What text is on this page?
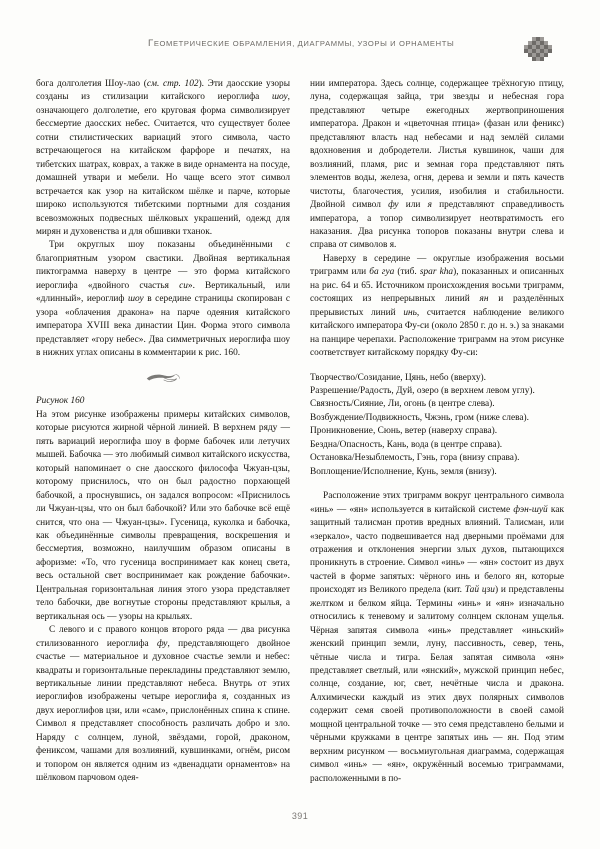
ГЕОМЕТРИЧЕСКИЕ ОБРАМЛЕНИЯ, ДИАГРАММЫ, УЗОРЫ И ОРНАМЕНТЫ

бога долголетия Шоу-лао (см. стр. 102). Эти даосские узоры созданы из стилизации китайского иероглифа шоу, означающего долголетие, его круговая форма символизирует бессмертие даосских небес. Считается, что существует более сотни стилистических вариаций этого символа, часто встречающегося на китайском фарфоре и печатях, на тибетских шатрах, коврах, а также в виде орнамента на посуде, домашней утвари и мебели. Но чаще всего этот символ встречается как узор на китайском шёлке и парче, которые широко используются тибетскими портными для создания всевозможных подвесных шёлковых украшений, одежд для мирян и духовенства и для обшивки тханок.

Три округлых шоу показаны объединёнными с благоприятным узором свастики. Двойная вертикальная пиктограмма наверху в центре — это форма китайского иероглифа «двойного счастья си». Вертикальный, или «длинный», иероглиф шоу в середине страницы скопирован с узора «облачения дракона» на парче одеяния китайского императора XVIII века династии Цин. Форма этого символа представляет «гору небес». Два симметричных иероглифа шоу в нижних углах описаны в комментарии к рис. 160.

Рисунок 160

На этом рисунке изображены примеры китайских символов, которые рисуются жирной чёрной линией. В верхнем ряду — пять вариаций иероглифа шоу в форме бабочек или летучих мышей. Бабочка — это любимый символ китайского искусства, который напоминает о сне даосского философа Чжуан-цзы, которому приснилось, что он был радостно порхающей бабочкой, а проснувшись, он задался вопросом: «Приснилось ли Чжуан-цзы, что он был бабочкой? Или это бабочке всё ещё снится, что она — Чжуан-цзы». Гусеница, куколка и бабочка, как объединённые символы превращения, воскрешения и бессмертия, возможно, наилучшим образом описаны в афоризме: «То, что гусеница воспринимает как конец света, весь остальной свет воспринимает как рождение бабочки». Центральная горизонтальная линия этого узора представляет тело бабочки, две вогнутые стороны представляют крылья, а вертикальная ось — узоры на крыльях.

С левого и с правого концов второго ряда — два рисунка стилизованного иероглифа фу, представляющего двойное счастье — материальное и духовное счастье земли и небес: квадраты и горизонтальные перекладины представляют землю, вертикальные линии представляют небеса. Внутрь от этих иероглифов изображены четыре иероглифа я, созданных из двух иероглифов цзи, или «сам», прислонённых спина к спине. Символ я представляет способность различать добро и зло. Наряду с солнцем, луной, звёздами, горой, драконом, фениксом, чашами для возлияний, кувшинками, огнём, рисом и топором он является одним из «двенадцати орнаментов» на шёлковом парчовом одея-

нии императора. Здесь солнце, содержащее трёхногую птицу, луна, содержащая зайца, три звезды и небесная гора представляют четыре ежегодных жертвоприношения императора. Дракон и «цветочная птица» (фазан или феникс) представляют власть над небесами и над землёй силами вдохновения и добродетели. Листья кувшинок, чаши для возлияний, пламя, рис и земная гора представляют пять элементов воды, железа, огня, дерева и земли и пять качеств чистоты, благочестия, усилия, изобилия и стабильности. Двойной символ фу или я представляют справедливость императора, а топор символизирует неотвратимость его наказания. Два рисунка топоров показаны внутри слева и справа от символов я.

Наверху в середине — округлые изображения восьми триграмм или ба гуа (тиб. spar kha), показанных и описанных на рис. 64 и 65. Источником происхождения восьми триграмм, состоящих из непрерывных линий ян и разделённых прерывистых линий инь, считается наблюдение великого китайского императора Фу-си (около 2850 г. до н. э.) за знаками на панцире черепахи. Расположение триграмм на этом рисунке соответствует китайскому порядку Фу-си:

Творчество/Созидание, Цянь, небо (вверху).
Разрешение/Радость, Дуй, озеро (в верхнем левом углу).
Связность/Сияние, Ли, огонь (в центре слева).
Возбуждение/Подвижность, Чжэнь, гром (ниже слева).
Проникновение, Сюнь, ветер (наверху справа).
Бездна/Опасность, Кань, вода (в центре справа).
Остановка/Незыблемость, Гэнь, гора (внизу справа).
Воплощение/Исполнение, Кунь, земля (внизу).

Расположение этих триграмм вокруг центрального символа «инь» — «ян» используется в китайской системе фэн-шуй как защитный талисман против вредных влияний. Талисман, или «зеркало», часто подвешивается над дверными проёмами для отражения и отклонения энергии злых духов, пытающихся проникнуть в строение. Символ «инь» — «ян» состоит из двух частей в форме запятых: чёрного инь и белого ян, которые происходят из Великого предела (кит. Тай цзи) и представлены желтком и белком яйца. Термины «инь» и «ян» изначально относились к теневому и залитому солнцем склонам ущелья. Чёрная запятая символа «инь» представляет «иньский» женский принцип земли, луну, пассивность, север, тень, чётные числа и тигра. Белая запятая символа «ян» представляет светлый, или «янский», мужской принцип небес, солнце, создание, юг, свет, нечётные числа и дракона. Алхимически каждый из этих двух полярных символов содержит семя своей противоположности в своей самой мощной центральной точке — это семя представлено белыми и чёрными кружками в центре запятых инь — ян. Под этим верхним рисунком — восьмиугольная диаграмма, содержащая символ «инь» — «ян», окружённый восемью триграммами, расположенными в по-

391
